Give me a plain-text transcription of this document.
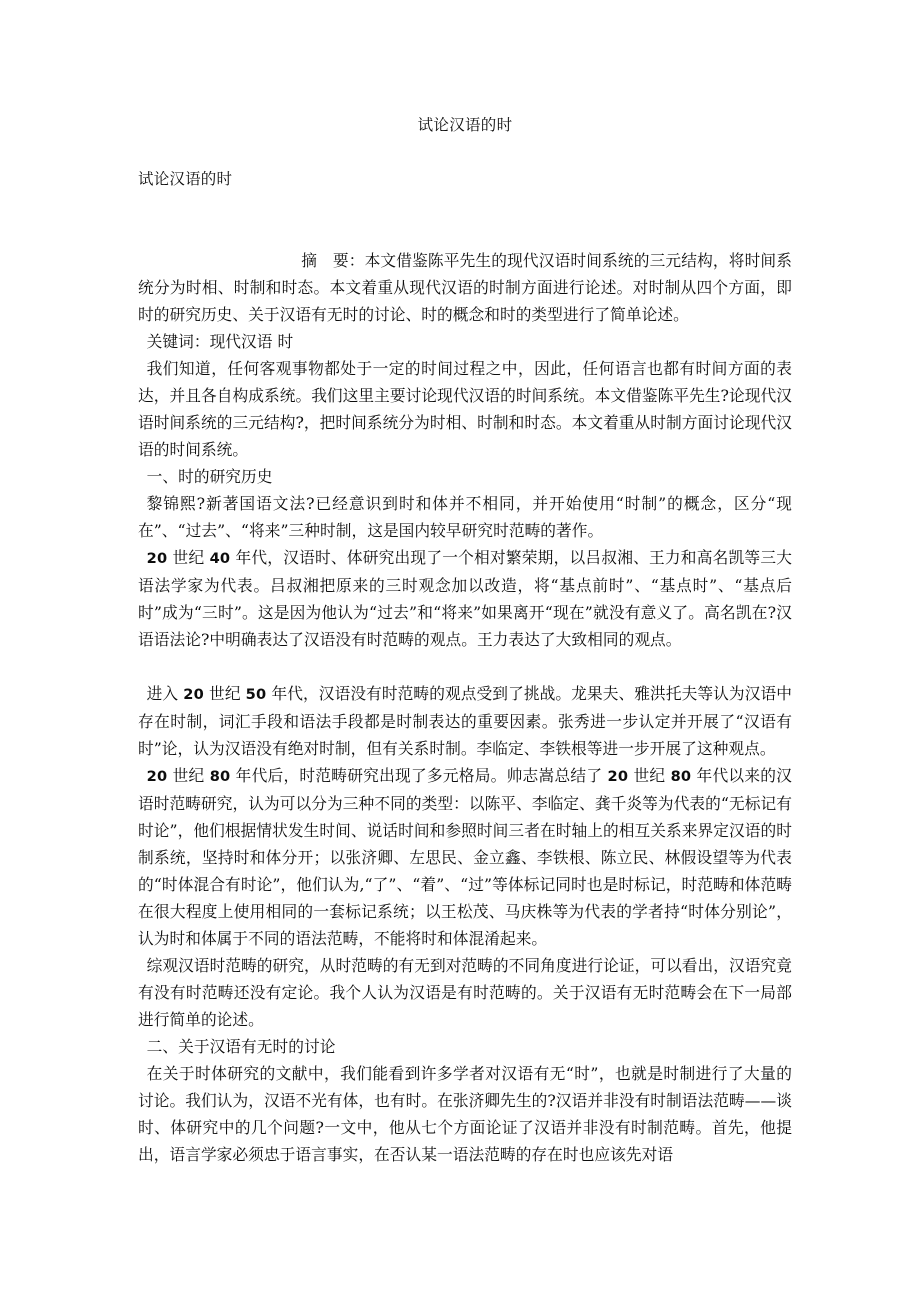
试论汉语的时
试论汉语的时

摘　要：本文借鉴陈平先生的现代汉语时间系统的三元结构，将时间系统分为时相、时制和时态。本文着重从现代汉语的时制方面进行论述。对时制从四个方面，即时的研究历史、关于汉语有无时的讨论、时的概念和时的类型进行了简单论述。

关键词：现代汉语 时

我们知道，任何客观事物都处于一定的时间过程之中，因此，任何语言也都有时间方面的表达，并且各自构成系统。我们这里主要讨论现代汉语的时间系统。本文借鉴陈平先生?论现代汉语时间系统的三元结构?，把时间系统分为时相、时制和时态。本文着重从时制方面讨论现代汉语的时间系统。

一、时的研究历史

黎锦熙?新著国语文法?已经意识到时和体并不相同，并开始使用“时制”的概念，区分“现在”、“过去”、“将来”三种时制，这是国内较早研究时范畴的著作。

20 世纪 40 年代，汉语时、体研究出现了一个相对繁荣期，以吕叔湘、王力和高名凯等三大语法学家为代表。吕叔湘把原来的三时观念加以改造，将“基点前时”、“基点时”、“基点后时”成为“三时”。这是因为他认为“过去”和“将来”如果离开“现在”就没有意义了。高名凯在?汉语语法论?中明确表达了汉语没有时范畴的观点。王力表达了大致相同的观点。

进入 20 世纪 50 年代，汉语没有时范畴的观点受到了挑战。龙果夫、雅洪托夫等认为汉语中存在时制，词汇手段和语法手段都是时制表达的重要因素。张秀进一步认定并开展了“汉语有时”论，认为汉语没有绝对时制，但有关系时制。李临定、李铁根等进一步开展了这种观点。

20 世纪 80 年代后，时范畴研究出现了多元格局。帅志嵩总结了 20 世纪 80 年代以来的汉语时范畴研究，认为可以分为三种不同的类型：以陈平、李临定、龚千炎等为代表的“无标记有时论”，他们根据情状发生时间、说话时间和参照时间三者在时轴上的相互关系来界定汉语的时制系统，坚持时和体分开；以张济卿、左思民、金立鑫、李铁根、陈立民、林假设望等为代表的“时体混合有时论”，他们认为,“了”、“着”、“过”等体标记同时也是时标记，时范畴和体范畴在很大程度上使用相同的一套标记系统；以王松茂、马庆株等为代表的学者持“时体分别论”，认为时和体属于不同的语法范畴，不能将时和体混淆起来。

综观汉语时范畴的研究，从时范畴的有无到对范畴的不同角度进行论证，可以看出，汉语究竟有没有时范畴还没有定论。我个人认为汉语是有时范畴的。关于汉语有无时范畴会在下一局部进行简单的论述。

二、关于汉语有无时的讨论

在关于时体研究的文献中，我们能看到许多学者对汉语有无“时”，也就是时制进行了大量的讨论。我们认为，汉语不光有体，也有时。在张济卿先生的?汉语并非没有时制语法范畴——谈时、体研究中的几个问题?一文中，他从七个方面论证了汉语并非没有时制范畴。首先，他提出，语言学家必须忠于语言事实，在否认某一语法范畴的存在时也应该先对语
